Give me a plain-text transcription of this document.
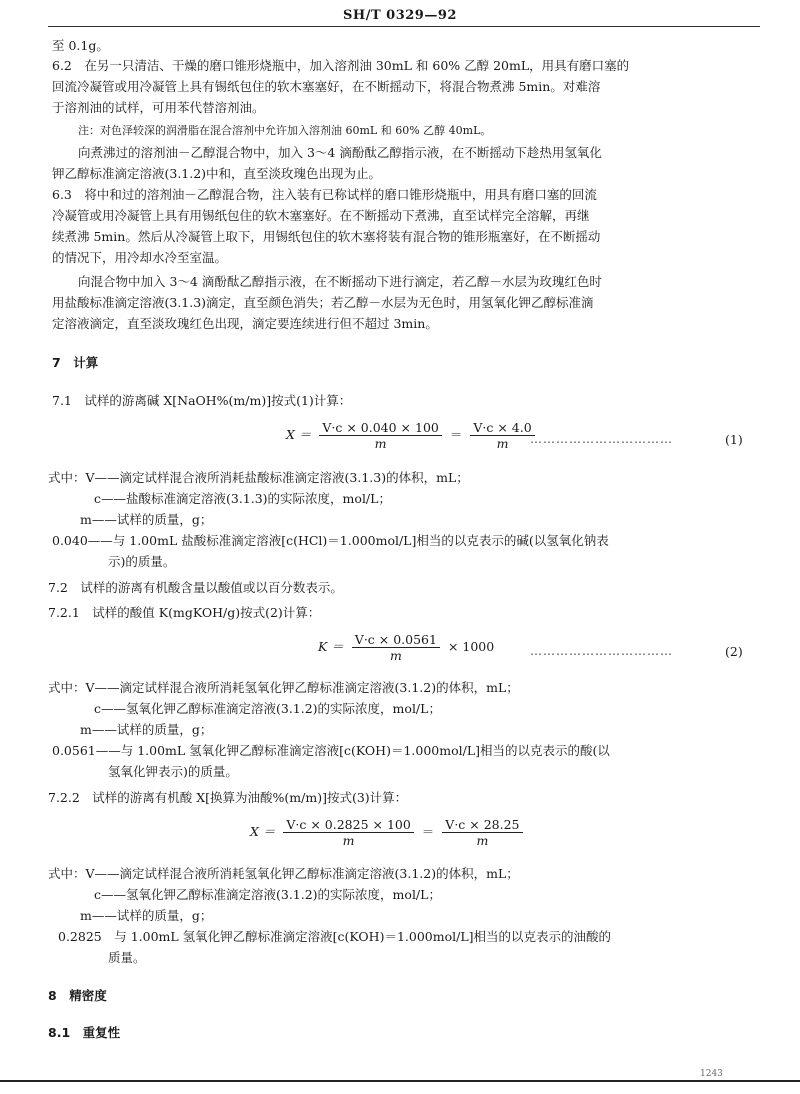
SH/T 0329—92
至 0.1g。
6.2　在另一只清洁、干燥的磨口锥形烧瓶中，加入溶剂油 30mL 和 60% 乙醇 20mL，用具有磨口塞的
回流冷凝管或用冷凝管上具有锡纸包住的软木塞塞好，在不断摇动下，将混合物煮沸 5min。对难溶
于溶剂油的试样，可用苯代替溶剂油。
注：对色泽较深的润滑脂在混合溶剂中允许加入溶剂油 60mL 和 60% 乙醇 40mL。
向煮沸过的溶剂油－乙醇混合物中，加入 3～4 滴酚酞乙醇指示液，在不断摇动下趁热用氢氧化
钾乙醇标准滴定溶液(3.1.2)中和，直至淡玫瑰色出现为止。
6.3　将中和过的溶剂油－乙醇混合物，注入装有已称试样的磨口锥形烧瓶中，用具有磨口塞的回流
冷凝管或用冷凝管上具有用锡纸包住的软木塞塞好。在不断摇动下煮沸，直至试样完全溶解，再继
续煮沸 5min。然后从冷凝管上取下，用锡纸包住的软木塞将装有混合物的锥形瓶塞好，在不断摇动
的情况下，用冷却水冷至室温。
向混合物中加入 3～4 滴酚酞乙醇指示液，在不断摇动下进行滴定，若乙醇－水层为玫瑰红色时
用盐酸标准滴定溶液(3.1.3)滴定，直至颜色消失；若乙醇－水层为无色时，用氢氧化钾乙醇标准滴
定溶液滴定，直至淡玫瑰红色出现，滴定要连续进行但不超过 3min。
7　计算
7.1　试样的游离碱 X[NaOH%(m/m)]按式(1)计算：
$X = \frac{V\cdot c \times 0.040 \times 100}{m} = \frac{V\cdot c \times 4.0}{m}$
……………………………	(1)
式中：V——滴定试样混合液所消耗盐酸标准滴定溶液(3.1.3)的体积，mL；
c——盐酸标准滴定溶液(3.1.3)的实际浓度，mol/L；
m——试样的质量，g；
0.040——与 1.00mL 盐酸标准滴定溶液[c(HCl)＝1.000mol/L]相当的以克表示的碱(以氢氧化钠表
示)的质量。
7.2　试样的游离有机酸含量以酸值或以百分数表示。
7.2.1　试样的酸值 K(mgKOH/g)按式(2)计算：
$K = \frac{V\cdot c \times 0.0561}{m} \times 1000$	……………………………	(2)
式中：V——滴定试样混合液所消耗氢氧化钾乙醇标准滴定溶液(3.1.2)的体积，mL；
c——氢氧化钾乙醇标准滴定溶液(3.1.2)的实际浓度，mol/L；
m——试样的质量，g；
0.0561——与 1.00mL 氢氧化钾乙醇标准滴定溶液[c(KOH)＝1.000mol/L]相当的以克表示的酸(以
氢氧化钾表示)的质量。
7.2.2　试样的游离有机酸 X[换算为油酸%(m/m)]按式(3)计算：
$X = \frac{V\cdot c \times 0.2825 \times 100}{m} = \frac{V\cdot c \times 28.25}{m}$
式中：V——滴定试样混合液所消耗氢氧化钾乙醇标准滴定溶液(3.1.2)的体积，mL；
c——氢氧化钾乙醇标准滴定溶液(3.1.2)的实际浓度，mol/L；
m——试样的质量，g；
0.2825　与 1.00mL 氢氧化钾乙醇标准滴定溶液[c(KOH)＝1.000mol/L]相当的以克表示的油酸的
质量。
8　精密度
8.1　重复性
1243
